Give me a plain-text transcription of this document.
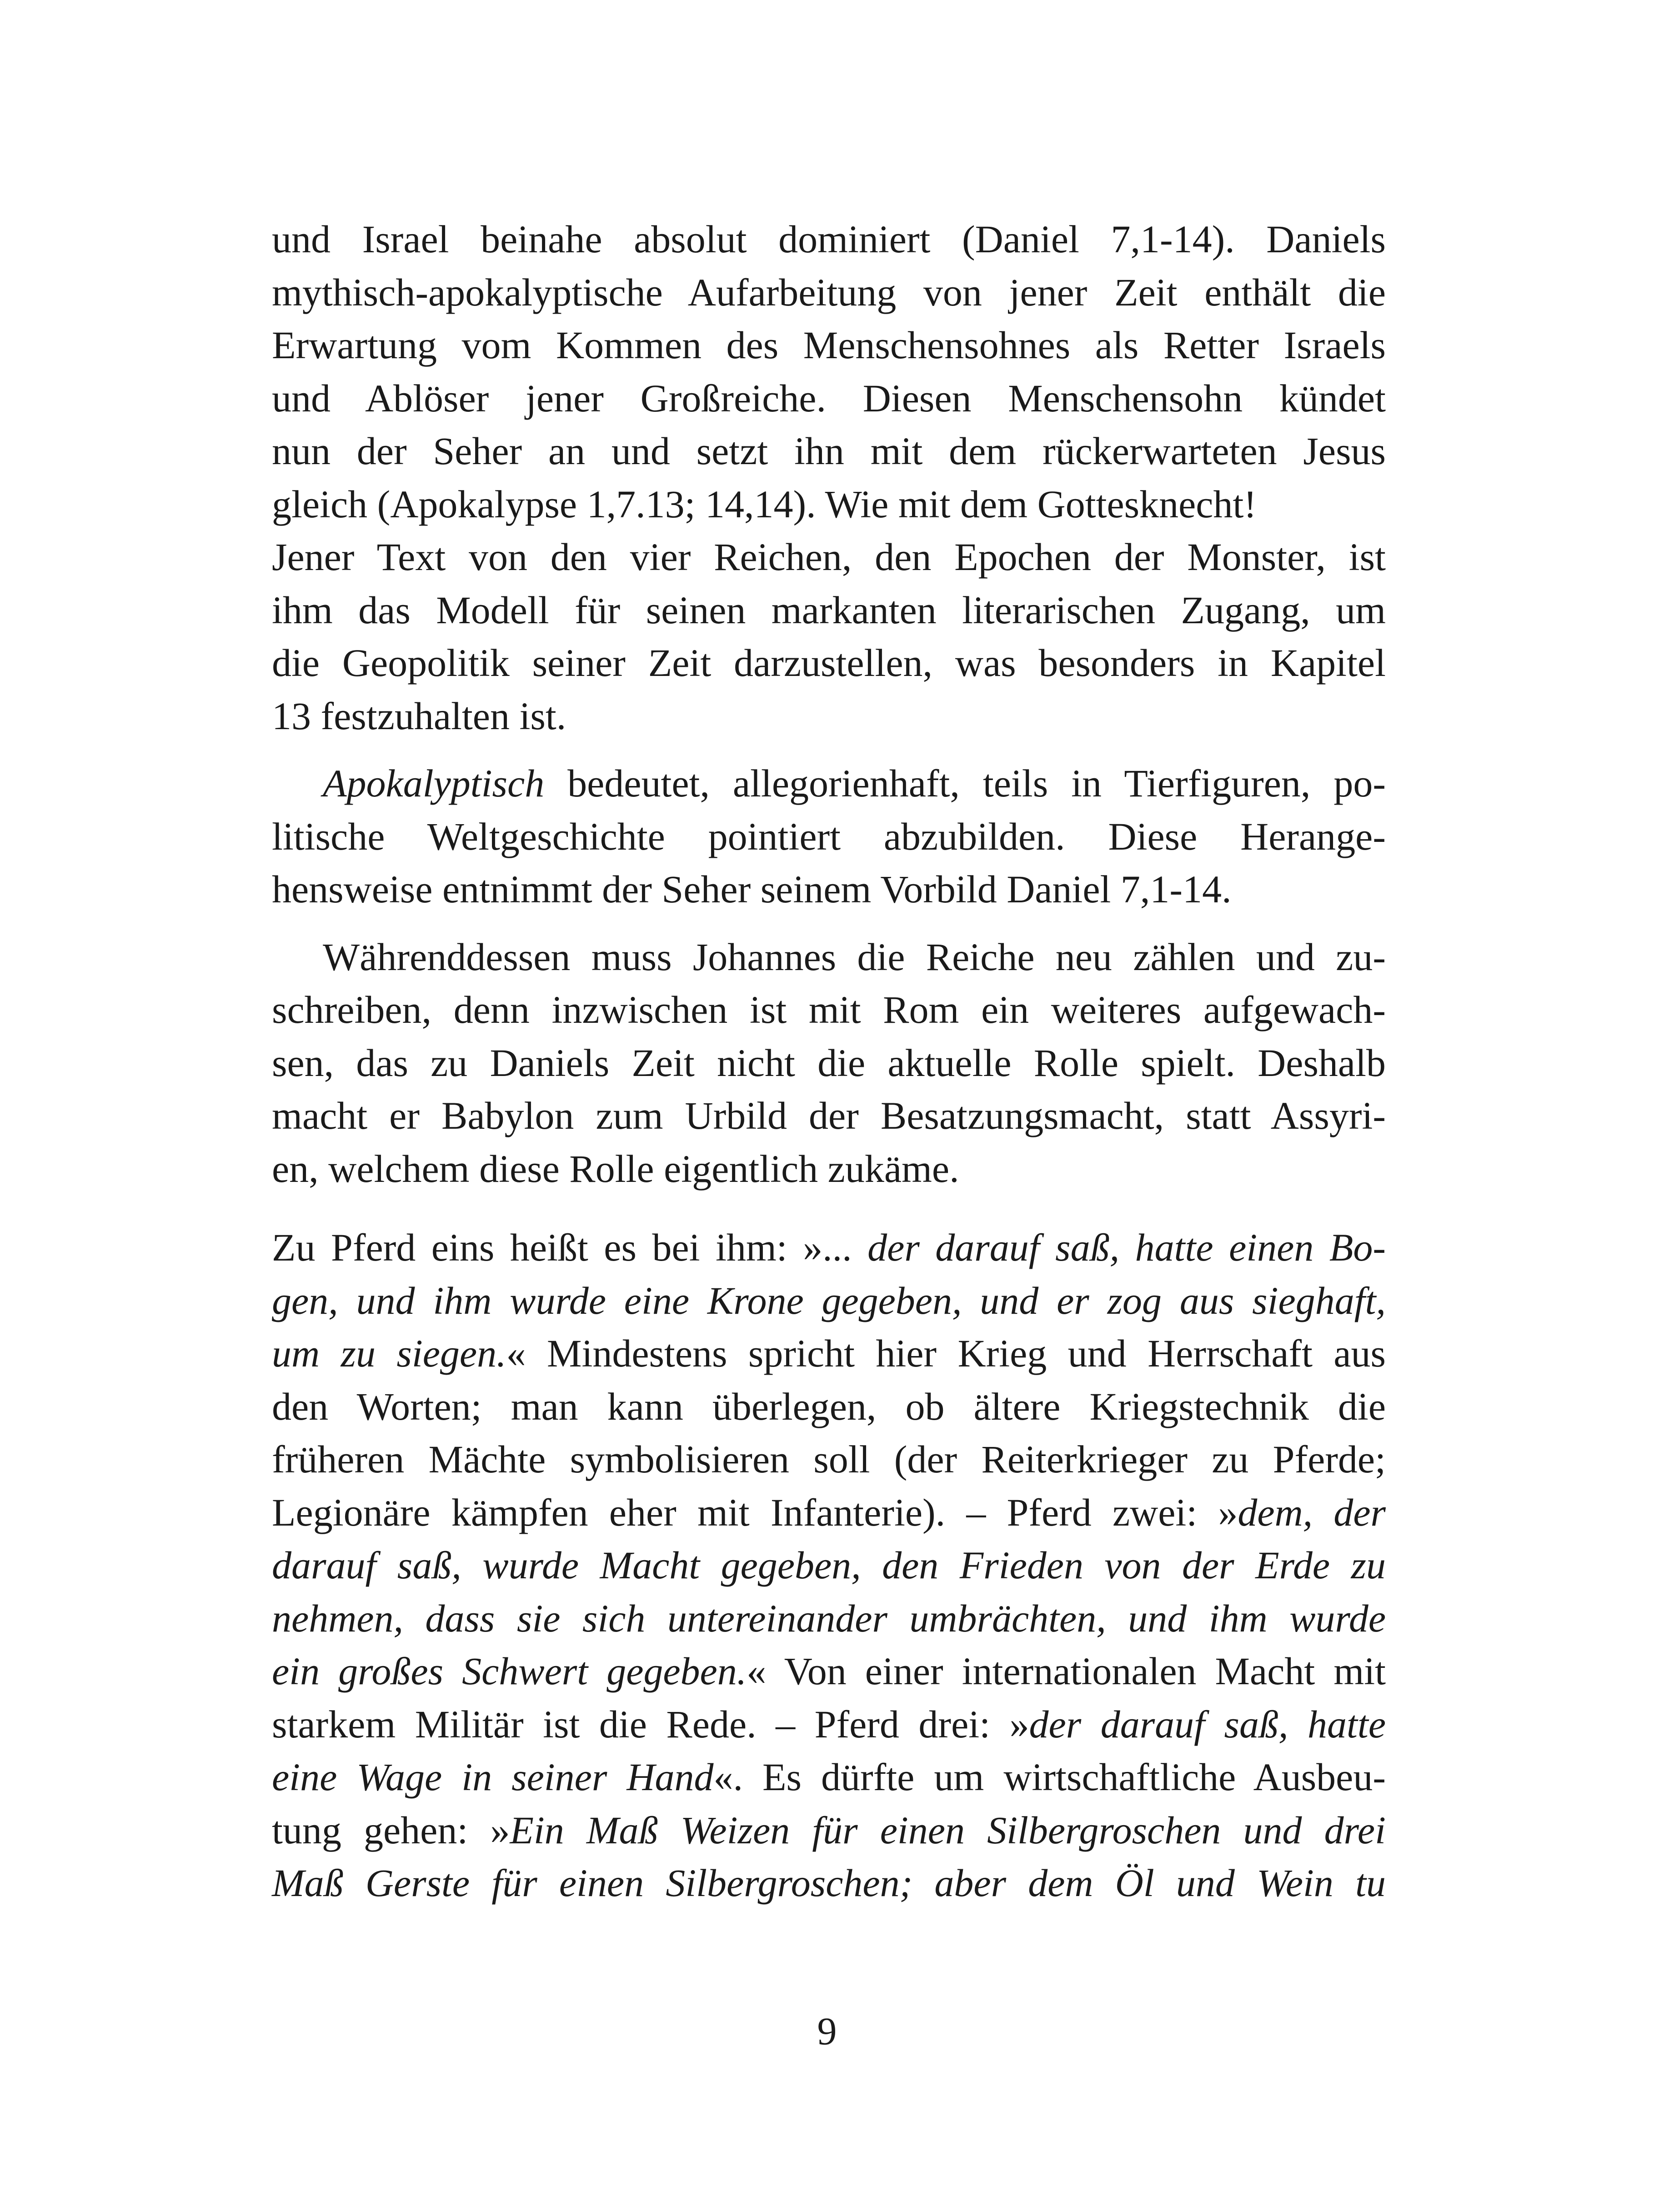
und Israel beinahe absolut dominiert (Daniel 7,1-14). Daniels
mythisch-apokalyptische Aufarbeitung von jener Zeit enthält die
Erwartung vom Kommen des Menschensohnes als Retter Israels
und Ablöser jener Großreiche. Diesen Menschensohn kündet
nun der Seher an und setzt ihn mit dem rückerwarteten Jesus
gleich (Apokalypse 1,7.13; 14,14). Wie mit dem Gottesknecht!
Jener Text von den vier Reichen, den Epochen der Monster, ist
ihm das Modell für seinen markanten literarischen Zugang, um
die Geopolitik seiner Zeit darzustellen, was besonders in Kapitel
13 festzuhalten ist.
Apokalyptisch bedeutet, allegorienhaft, teils in Tierfiguren, po-
litische Weltgeschichte pointiert abzubilden. Diese Herange-
hensweise entnimmt der Seher seinem Vorbild Daniel 7,1-14.
Währenddessen muss Johannes die Reiche neu zählen und zu-
schreiben, denn inzwischen ist mit Rom ein weiteres aufgewach-
sen, das zu Daniels Zeit nicht die aktuelle Rolle spielt. Deshalb
macht er Babylon zum Urbild der Besatzungsmacht, statt Assyri-
en, welchem diese Rolle eigentlich zukäme.
Zu Pferd eins heißt es bei ihm: »... der darauf saß, hatte einen Bo-
gen, und ihm wurde eine Krone gegeben, und er zog aus sieghaft,
um zu siegen.« Mindestens spricht hier Krieg und Herrschaft aus
den Worten; man kann überlegen, ob ältere Kriegstechnik die
früheren Mächte symbolisieren soll (der Reiterkrieger zu Pferde;
Legionäre kämpfen eher mit Infanterie). – Pferd zwei: »dem, der
darauf saß, wurde Macht gegeben, den Frieden von der Erde zu
nehmen, dass sie sich untereinander umbrächten, und ihm wurde
ein großes Schwert gegeben.« Von einer internationalen Macht mit
starkem Militär ist die Rede. – Pferd drei: »der darauf saß, hatte
eine Wage in seiner Hand«. Es dürfte um wirtschaftliche Ausbeu-
tung gehen: »Ein Maß Weizen für einen Silbergroschen und drei
Maß Gerste für einen Silbergroschen; aber dem Öl und Wein tu
9
